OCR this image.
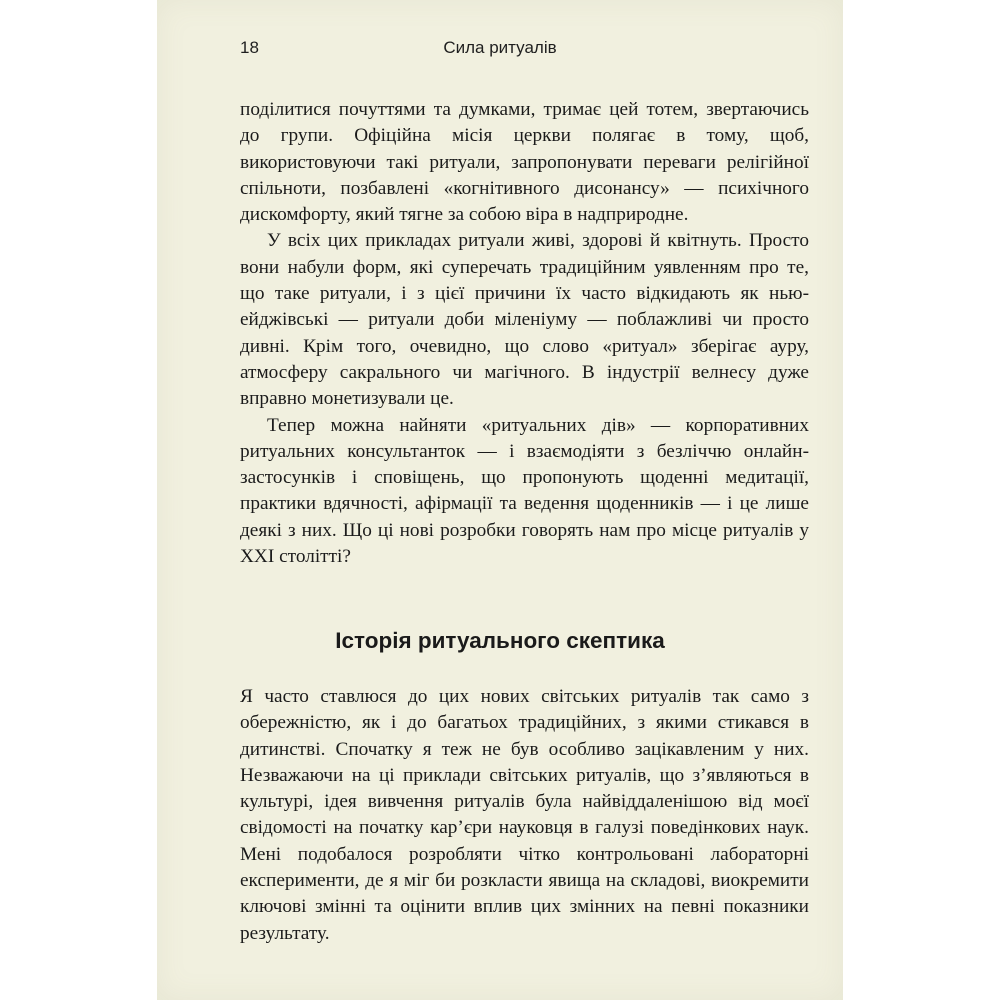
18	Сила ритуалів

поділитися почуттями та думками, тримає цей тотем, звертаючись до групи. Офіційна місія церкви полягає в тому, щоб, використовуючи такі ритуали, запропонувати переваги релігійної спільноти, позбавлені «когнітивного дисонансу» — психічного дискомфорту, який тягне за собою віра в надприродне.

У всіх цих прикладах ритуали живі, здорові й квітнуть. Просто вони набули форм, які суперечать традиційним уявленням про те, що таке ритуали, і з цієї причини їх часто відкидають як нью-ейджівські — ритуали доби міленіуму — поблажливі чи просто дивні. Крім того, очевидно, що слово «ритуал» зберігає ауру, атмосферу сакрального чи магічного. В індустрії велнесу дуже вправно монетизували це.

Тепер можна найняти «ритуальних дів» — корпоративних ритуальних консультанток — і взаємодіяти з безліччю онлайн-застосунків і сповіщень, що пропонують щоденні медитації, практики вдячності, афірмації та ведення щоденників — і це лише деякі з них. Що ці нові розробки говорять нам про місце ритуалів у XXI столітті?

Історія ритуального скептика

Я часто ставлюся до цих нових світських ритуалів так само з обережністю, як і до багатьох традиційних, з якими стикався в дитинстві. Спочатку я теж не був особливо зацікавленим у них. Незважаючи на ці приклади світських ритуалів, що з’являються в культурі, ідея вивчення ритуалів була найвіддаленішою від моєї свідомості на початку кар’єри науковця в галузі поведінкових наук. Мені подобалося розробляти чітко контрольовані лабораторні експерименти, де я міг би розкласти явища на складові, виокремити ключові змінні та оцінити вплив цих змінних на певні показники результату.
